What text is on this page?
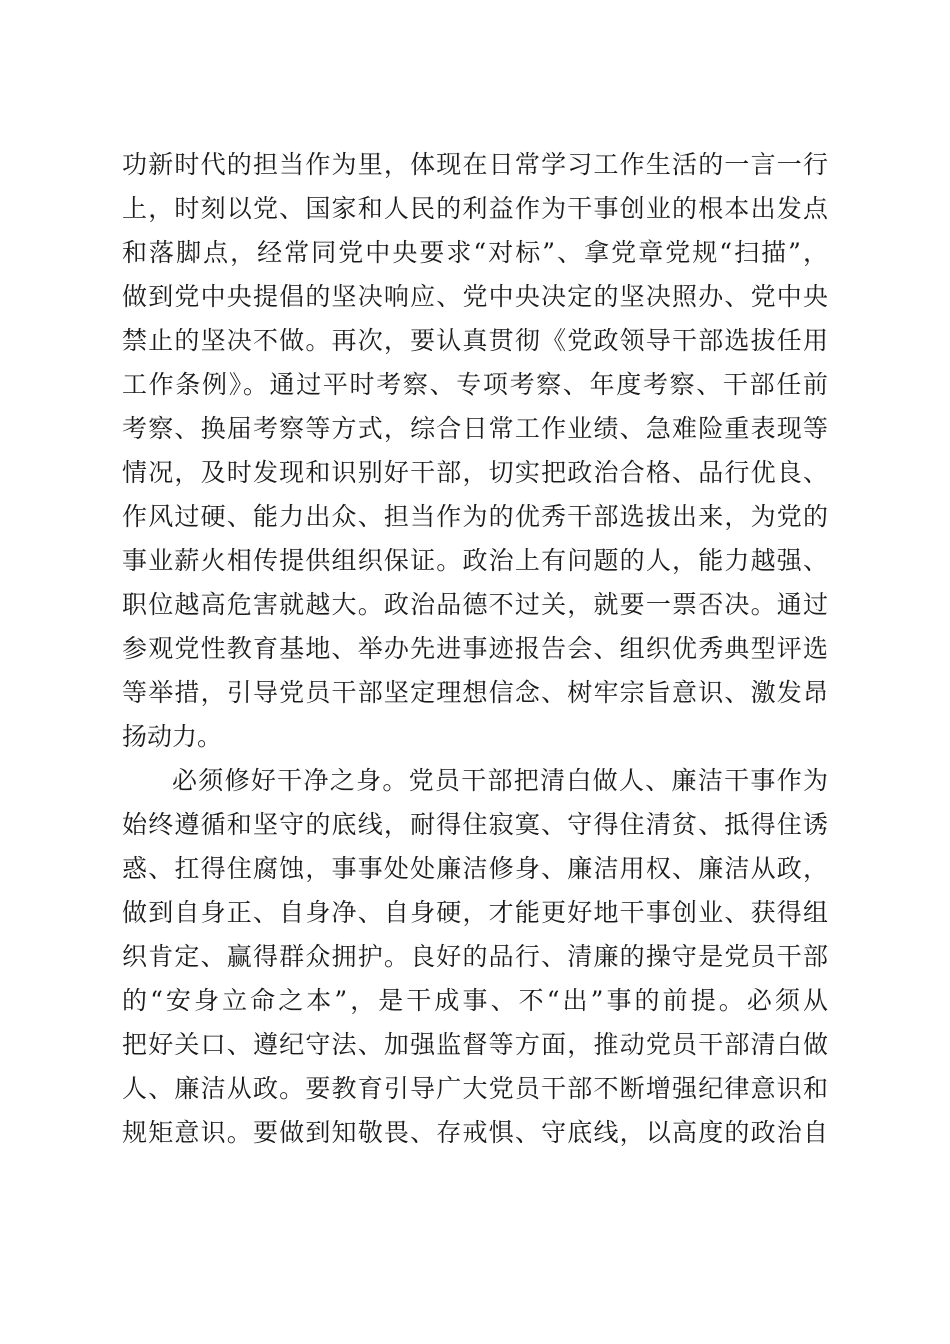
功新时代的担当作为里，体现在日常学习工作生活的一言一行
上，时刻以党、国家和人民的利益作为干事创业的根本出发点
和落脚点，经常同党中央要求“对标”、拿党章党规“扫描”，
做到党中央提倡的坚决响应、党中央决定的坚决照办、党中央
禁止的坚决不做。再次，要认真贯彻《党政领导干部选拔任用
工作条例》。通过平时考察、专项考察、年度考察、干部任前
考察、换届考察等方式，综合日常工作业绩、急难险重表现等
情况，及时发现和识别好干部，切实把政治合格、品行优良、
作风过硬、能力出众、担当作为的优秀干部选拔出来，为党的
事业薪火相传提供组织保证。政治上有问题的人，能力越强、
职位越高危害就越大。政治品德不过关，就要一票否决。通过
参观党性教育基地、举办先进事迹报告会、组织优秀典型评选
等举措，引导党员干部坚定理想信念、树牢宗旨意识、激发昂
扬动力。
必须修好干净之身。党员干部把清白做人、廉洁干事作为
始终遵循和坚守的底线，耐得住寂寞、守得住清贫、抵得住诱
惑、扛得住腐蚀，事事处处廉洁修身、廉洁用权、廉洁从政，
做到自身正、自身净、自身硬，才能更好地干事创业、获得组
织肯定、赢得群众拥护。良好的品行、清廉的操守是党员干部
的“安身立命之本”，是干成事、不“出”事的前提。必须从
把好关口、遵纪守法、加强监督等方面，推动党员干部清白做
人、廉洁从政。要教育引导广大党员干部不断增强纪律意识和
规矩意识。要做到知敬畏、存戒惧、守底线，以高度的政治自
